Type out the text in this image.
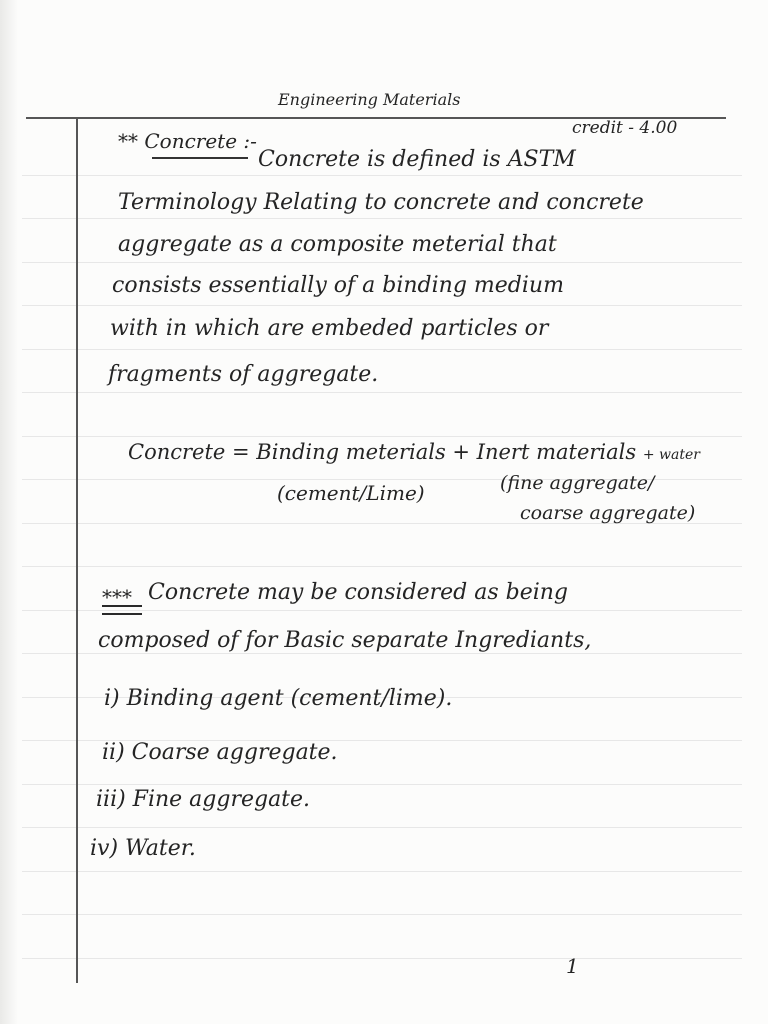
Engineering Materials
credit - 4.00
** Concrete :-
Concrete is defined is ASTM
Terminology Relating to concrete and concrete
aggregate as a composite meterial that
consists essentially of a binding medium
with in which are embeded particles or
fragments of aggregate.
Concrete = Binding meterials + Inert materials + water
(cement/Lime)	(fine aggregate/
coarse aggregate)
*** Concrete may be considered as being
composed of for Basic separate Ingrediants,
i) Binding agent (cement/lime).
ii) Coarse aggregate.
iii) Fine aggregate.
iv) Water.
1
